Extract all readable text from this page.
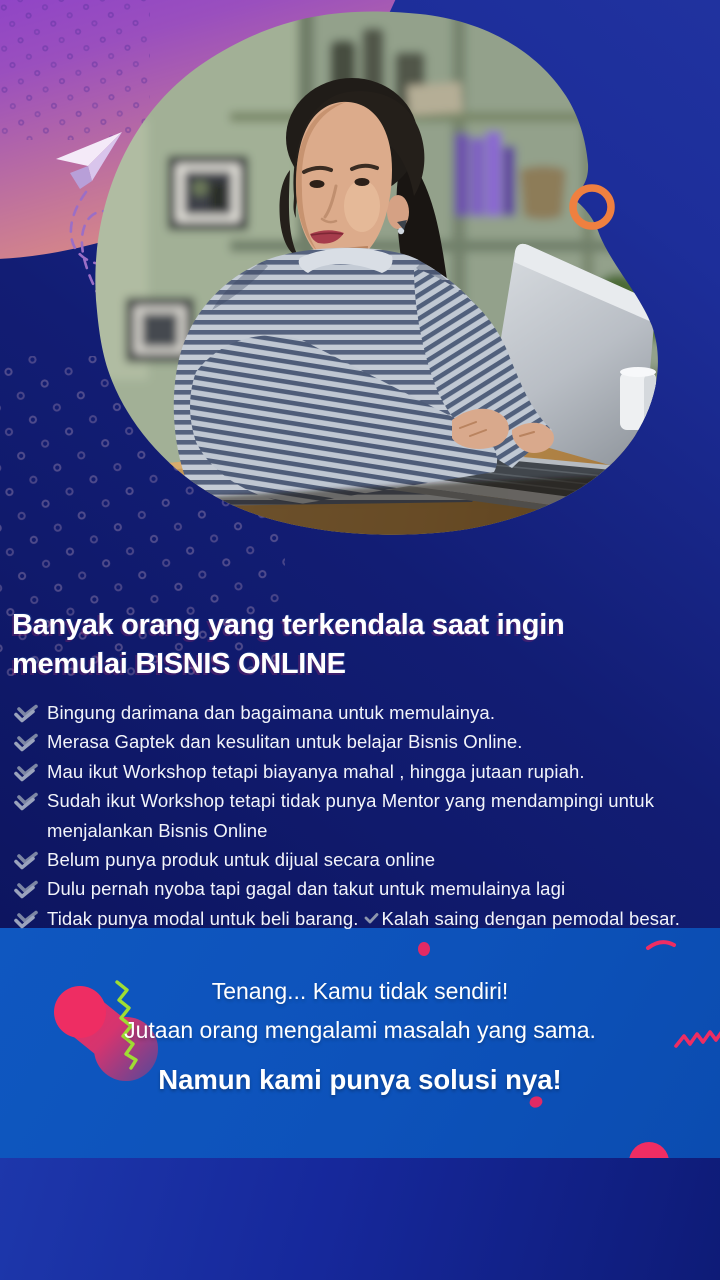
Banyak orang yang terkendala saat ingin
memulai BISNIS ONLINE
Bingung darimana dan bagaimana untuk memulainya.
Merasa Gaptek dan kesulitan untuk belajar Bisnis Online.
Mau ikut Workshop tetapi biayanya mahal , hingga jutaan rupiah.
Sudah ikut Workshop tetapi tidak punya Mentor yang mendampingi untuk menjalankan Bisnis Online
Belum punya produk untuk dijual secara online
Dulu pernah nyoba tapi gagal dan takut untuk memulainya lagi
Tidak punya modal untuk beli barang. Kalah saing dengan pemodal besar.

Tenang... Kamu tidak sendiri!

Jutaan orang mengalami masalah yang sama.

Namun kami punya solusi nya!
